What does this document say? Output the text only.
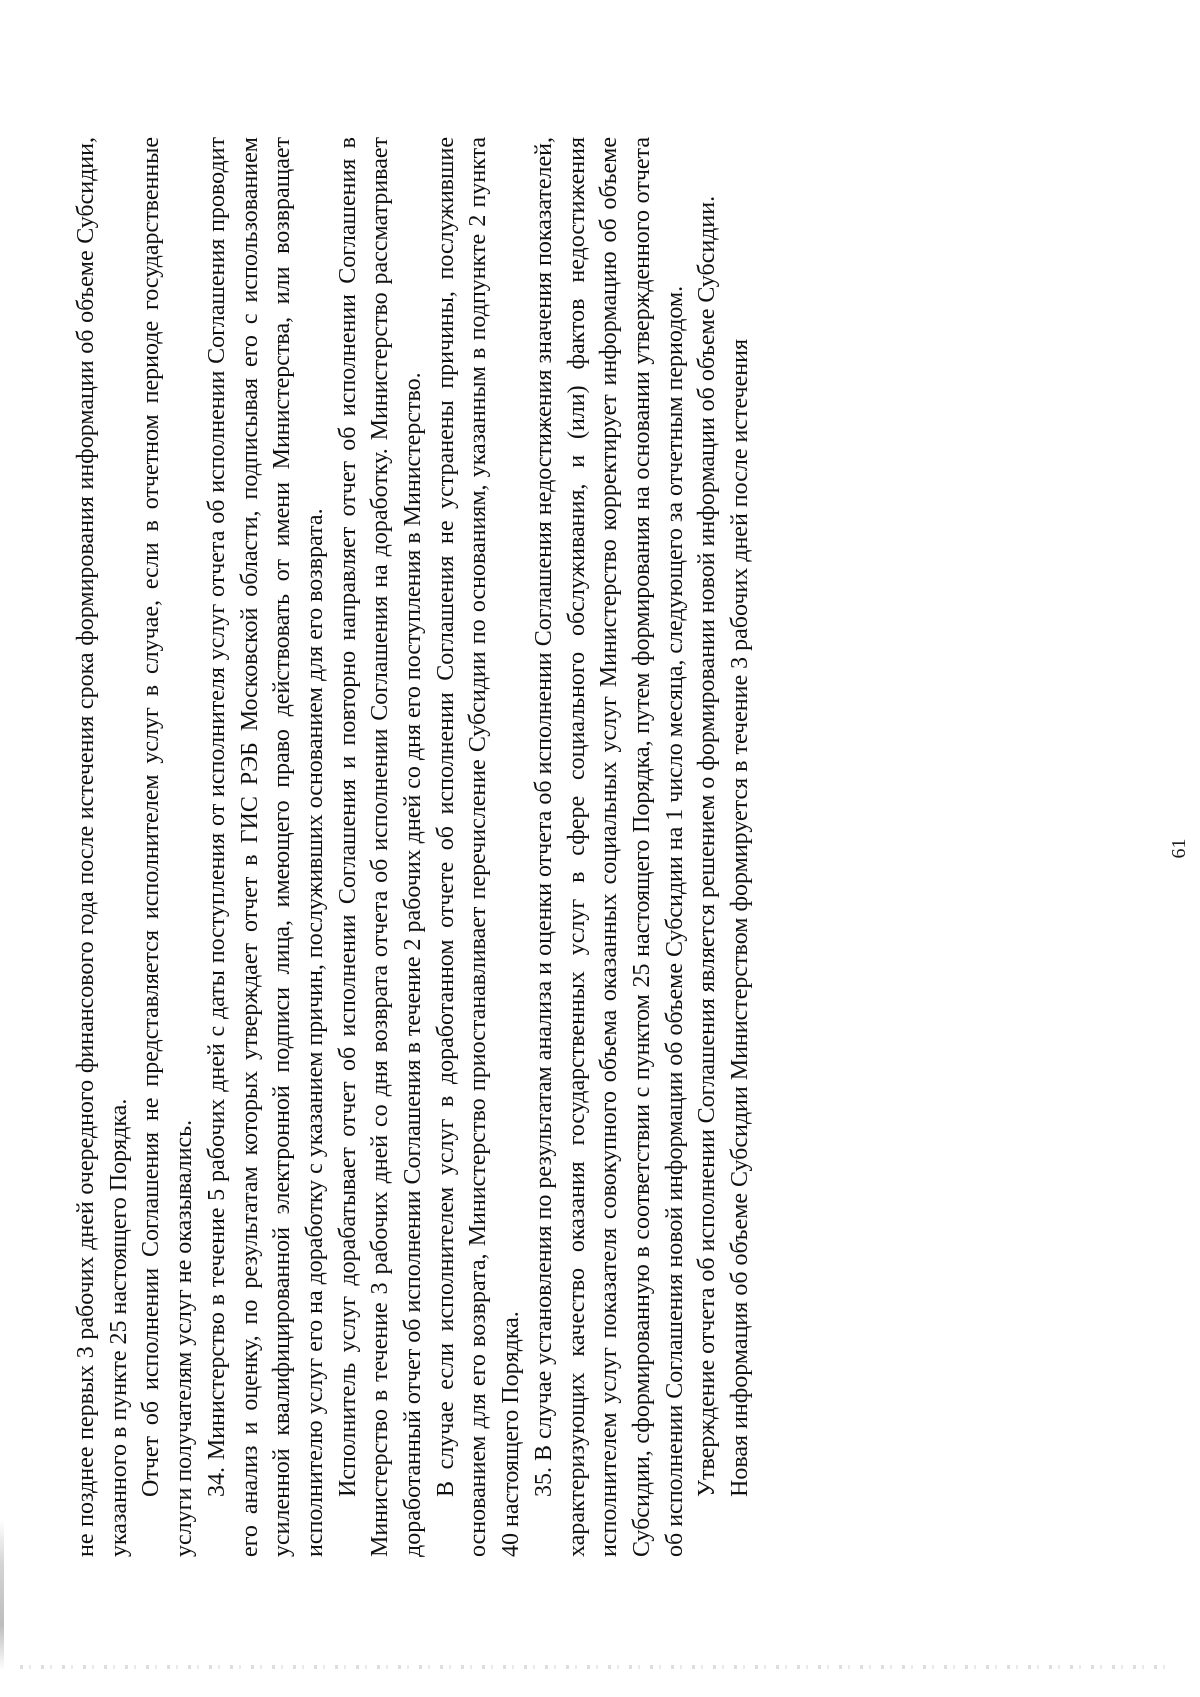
61

не позднее первых 3 рабочих дней очередного финансового года после истечения срока формирования информации об объеме Субсидии, указанного в пункте 25 настоящего Порядка. Отчет об исполнении Соглашения не представляется исполнителем услуг в случае, если в отчетном периоде государственные услуги получателям услуг не оказывались. 34. Министерство в течение 5 рабочих дней с даты поступления от исполнителя услуг отчета об исполнении Соглашения проводит его анализ и оценку, по результатам которых утверждает отчет в ГИС РЭБ Московской области, подписывая его с использованием усиленной квалифицированной электронной подписи лица, имеющего право действовать от имени Министерства, или возвращает исполнителю услуг его на доработку с указанием причин, послуживших основанием для его возврата. Исполнитель услуг дорабатывает отчет об исполнении Соглашения и повторно направляет отчет об исполнении Соглашения в Министерство в течение 3 рабочих дней со дня возврата отчета об исполнении Соглашения на доработку. Министерство рассматривает доработанный отчет об исполнении Соглашения в течение 2 рабочих дней со дня его поступления в Министерство. В случае если исполнителем услуг в доработанном отчете об исполнении Соглашения не устранены причины, послужившие основанием для его возврата, Министерство приостанавливает перечисление Субсидии по основаниям, указанным в подпункте 2 пункта 40 настоящего Порядка. 35. В случае установления по результатам анализа и оценки отчета об исполнении Соглашения недостижения значения показателей, характеризующих качество оказания государственных услуг в сфере социального обслуживания, и (или) фактов недостижения исполнителем услуг показателя совокупного объема оказанных социальных услуг Министерство корректирует информацию об объеме Субсидии, сформированную в соответствии с пунктом 25 настоящего Порядка, путем формирования на основании утвержденного отчета об исполнении Соглашения новой информации об объеме Субсидии на 1 число месяца, следующего за отчетным периодом. Утверждение отчета об исполнении Соглашения является решением о формировании новой информации об объеме Субсидии. Новая информация об объеме Субсидии Министерством формируется в течение 3 рабочих дней после истечения
